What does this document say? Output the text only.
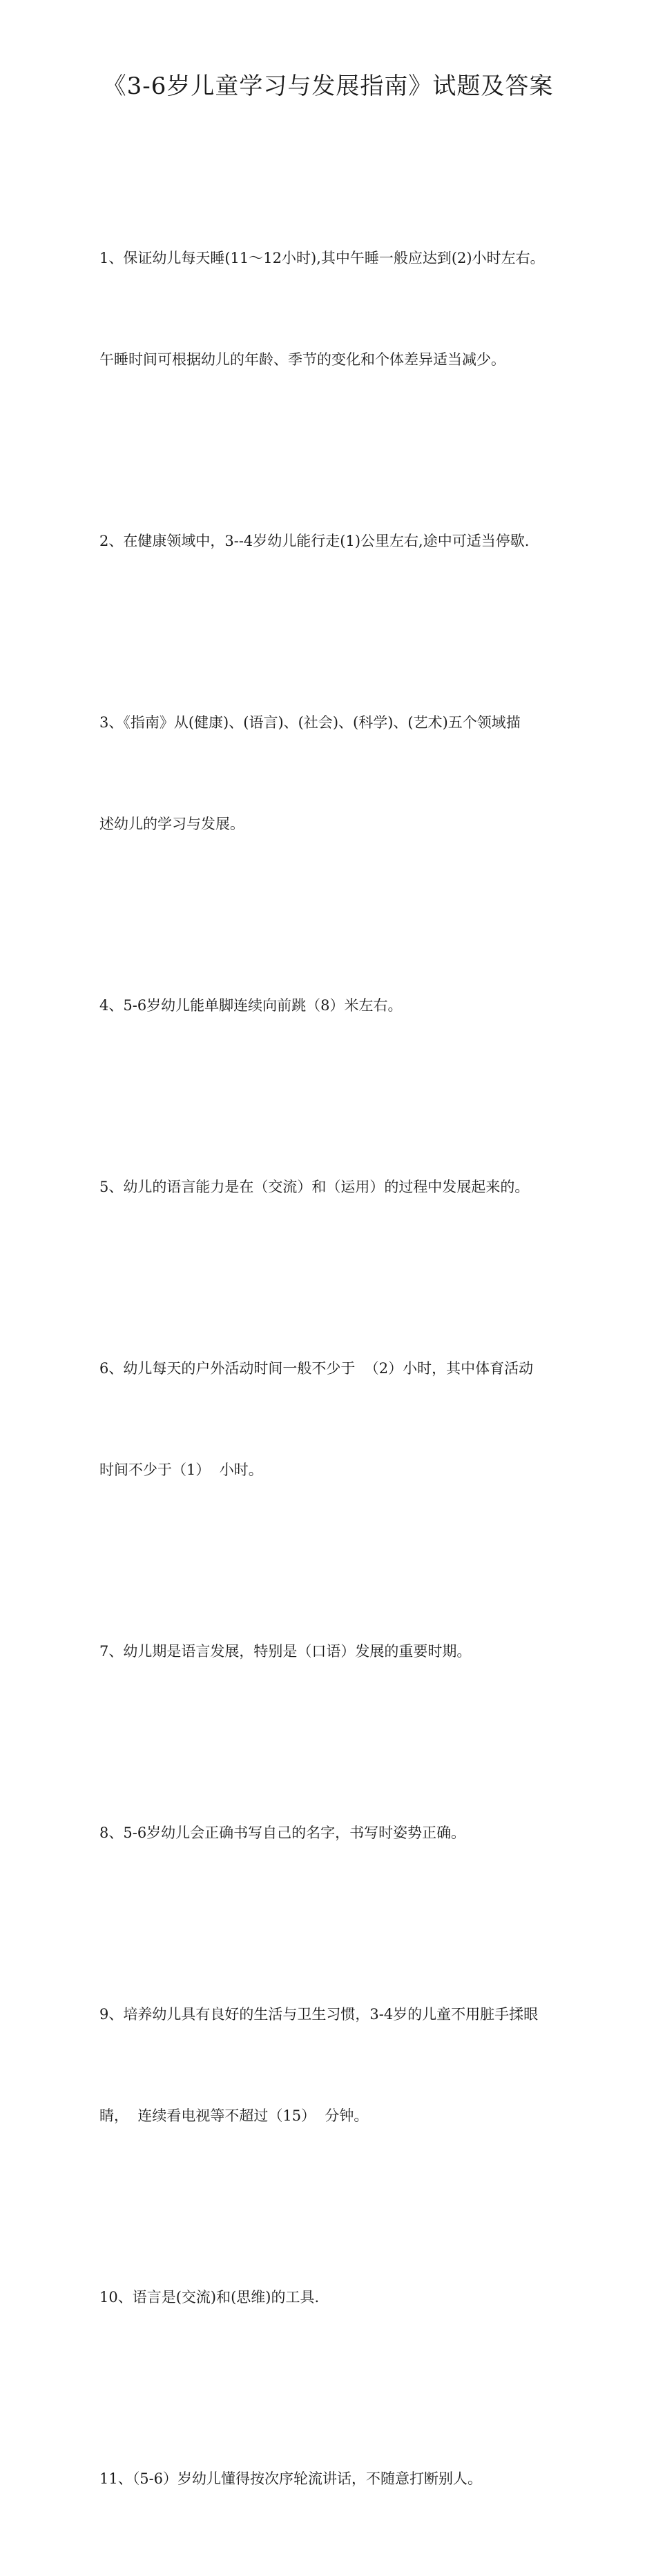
《3-6岁儿童学习与发展指南》试题及答案

1、保证幼儿每天睡(11～12小时),其中午睡一般应达到(2)小时左右。

午睡时间可根据幼儿的年龄、季节的变化和个体差异适当减少。

2、在健康领域中，3--4岁幼儿能行走(1)公里左右,途中可适当停歇.

3、《指南》从(健康)、(语言)、(社会)、(科学)、(艺术)五个领域描

述幼儿的学习与发展。

4、5-6岁幼儿能单脚连续向前跳（8）米左右。

5、幼儿的语言能力是在（交流）和（运用）的过程中发展起来的。

6、幼儿每天的户外活动时间一般不少于  （2）小时，其中体育活动

时间不少于（1）  小时。

7、幼儿期是语言发展，特别是（口语）发展的重要时期。

8、5-6岁幼儿会正确书写自己的名字，书写时姿势正确。

9、培养幼儿具有良好的生活与卫生习惯，3-4岁的儿童不用脏手揉眼

睛，  连续看电视等不超过（15）  分钟。

10、语言是(交流)和(思维)的工具.

11、（5-6）岁幼儿懂得按次序轮流讲话，不随意打断别人。
